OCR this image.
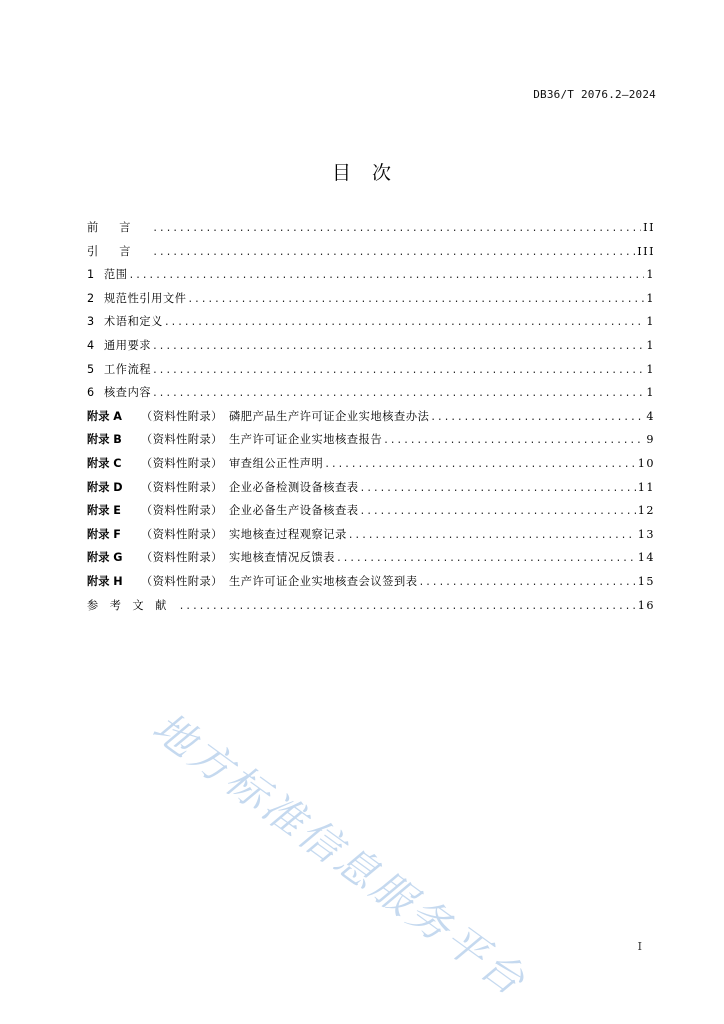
DB36/T 2076.2—2024
目　次
前言 .....	II
引言 .....	III
1 范围 .....	1
2 规范性引用文件 .....	1
3 术语和定义 .....	1
4 通用要求 .....	1
5 工作流程 .....	1
6 核查内容 .....	1
附录 A	（资料性附录） 磷肥产品生产许可证企业实地核查办法 .....	4
附录 B	（资料性附录） 生产许可证企业实地核查报告 .....	9
附录 C	（资料性附录） 审查组公正性声明 .....	10
附录 D	（资料性附录） 企业必备检测设备核查表 .....	11
附录 E	（资料性附录） 企业必备生产设备核查表 .....	12
附录 F	（资料性附录） 实地核查过程观察记录 .....	13
附录 G	（资料性附录） 实地核查情况反馈表 .....	14
附录 H	（资料性附录） 生产许可证企业实地核查会议签到表 .....	15
参考文献 .....	16
地方标准信息服务平台	I
